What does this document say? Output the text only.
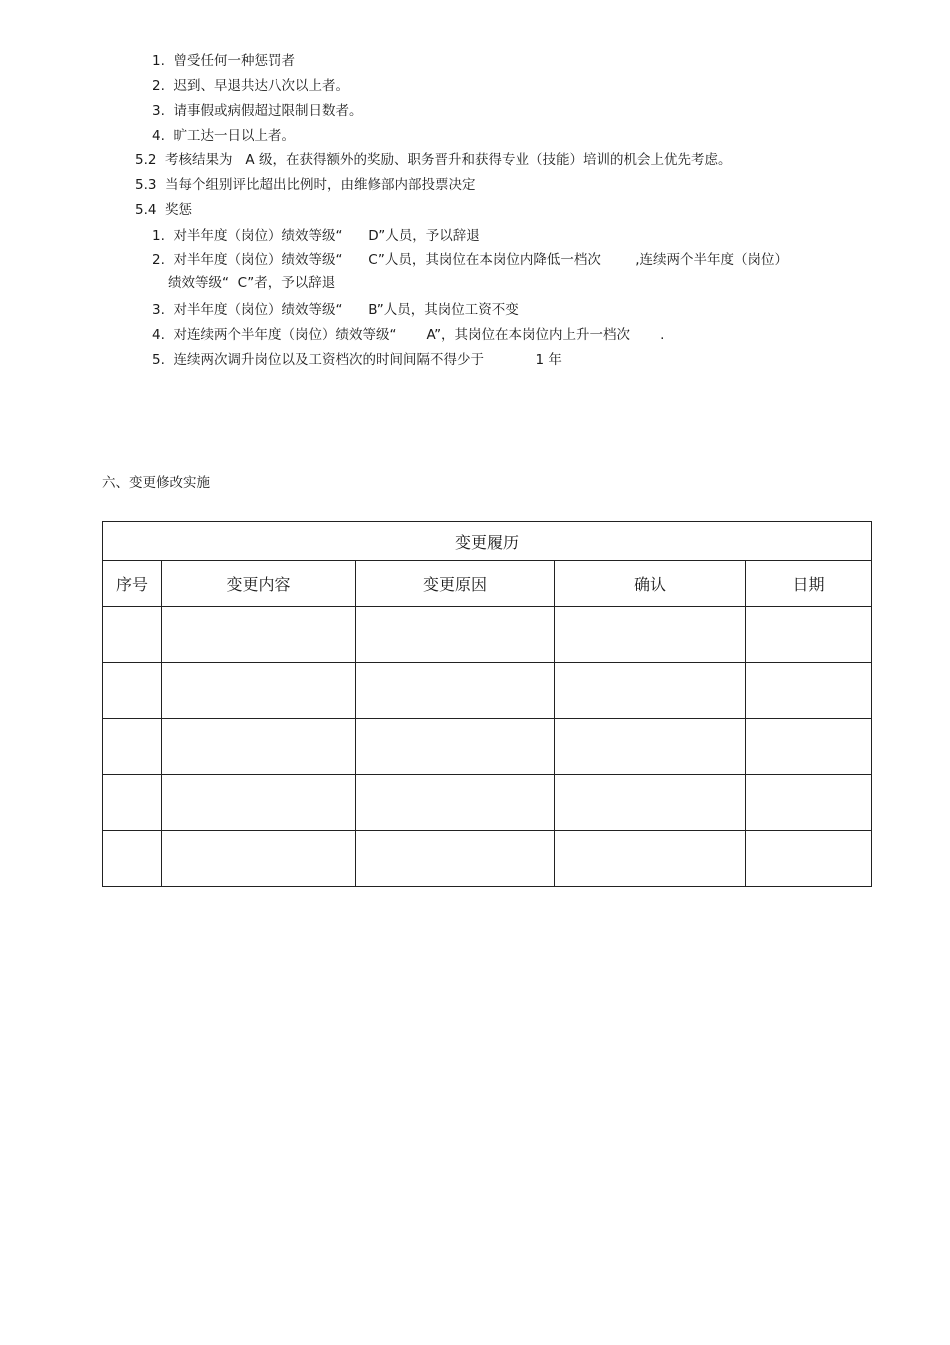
1.  曾受任何一种惩罚者
2.  迟到、早退共达八次以上者。
3.  请事假或病假超过限制日数者。
4.  旷工达一日以上者。
5.2  考核结果为   A 级，在获得额外的奖励、职务晋升和获得专业（技能）培训的机会上优先考虑。
5.3  当每个组别评比超出比例时，由维修部内部投票决定
5.4  奖惩
1.  对半年度（岗位）绩效等级“      D”人员，予以辞退
2.  对半年度（岗位）绩效等级“      C”人员，其岗位在本岗位内降低一档次        ,连续两个半年度（岗位）
绩效等级“  C”者，予以辞退
3.  对半年度（岗位）绩效等级“      B”人员，其岗位工资不变
4.  对连续两个半年度（岗位）绩效等级“       A”，其岗位在本岗位内上升一档次       .
5.  连续两次调升岗位以及工资档次的时间间隔不得少于            1 年
六、变更修改实施
变更履历				
序号	变更内容	变更原因	确认	日期
